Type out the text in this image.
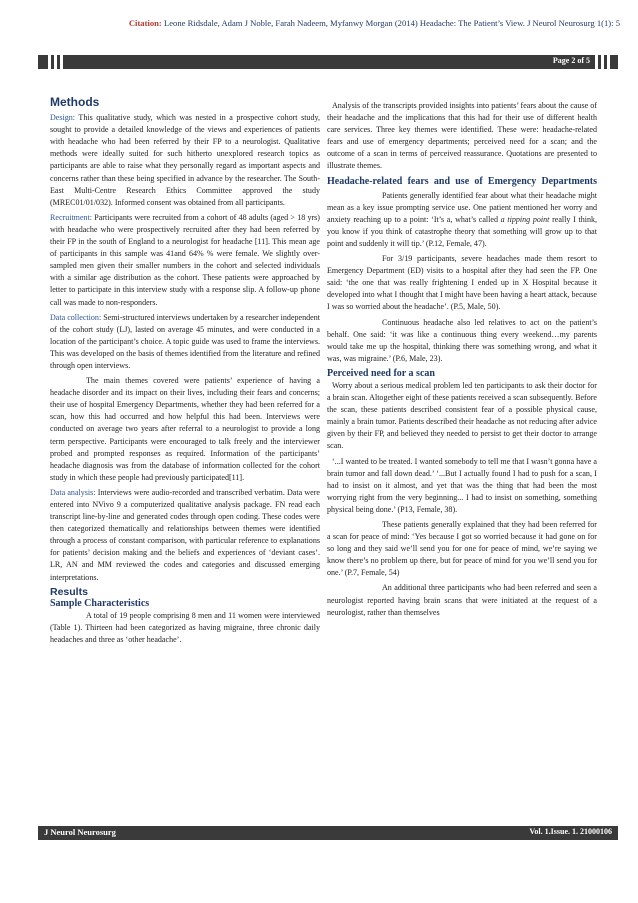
Citation: Leone Ridsdale, Adam J Noble, Farah Nadeem, Myfanwy Morgan (2014) Headache: The Patient’s View. J Neurol Neurosurg 1(1): 5
Page 2 of 5
Methods

Design: This qualitative study, which was nested in a prospective cohort study, sought to provide a detailed knowledge of the views and experiences of patients with headache who had been referred by their FP to a neurologist. Qualitative methods were ideally suited for such hitherto unexplored research topics as participants are able to raise what they personally regard as important aspects and concerns rather than these being specified in advance by the researcher. The South-East Multi-Centre Research Ethics Committee approved the study (MREC01/01/032). Informed consent was obtained from all participants.

Recruitment: Participants were recruited from a cohort of 48 adults (aged > 18 yrs) with headache who were prospectively recruited after they had been referred by their FP in the south of England to a neurologist for headache [11]. This mean age of participants in this sample was 41and 64% % were female. We slightly over-sampled men given their smaller numbers in the cohort and selected individuals with a similar age distribution as the cohort. These patients were approached by letter to participate in this interview study with a response slip. A follow-up phone call was made to non-responders.

Data collection: Semi-structured interviews undertaken by a researcher independent of the cohort study (LJ), lasted on average 45 minutes, and were conducted in a location of the participant’s choice. A topic guide was used to frame the interviews. This was developed on the basis of themes identified from the literature and refined through open interviews.

The main themes covered were patients’ experience of having a headache disorder and its impact on their lives, including their fears and concerns; their use of hospital Emergency Departments, whether they had been referred for a scan, how this had occurred and how helpful this had been. Interviews were conducted on average two years after referral to a neurologist to provide a long term perspective. Participants were encouraged to talk freely and the interviewer probed and prompted responses as required. Information of the participants’ headache diagnosis was from the database of information collected for the cohort study in which these people had previously participated[11].

Data analysis: Interviews were audio-recorded and transcribed verbatim. Data were entered into NVivo 9 a computerized qualitative analysis package. FN read each transcript line-by-line and generated codes through open coding. These codes were then categorized thematically and relationships between themes were identified through a process of constant comparison, with particular reference to explanations for patients’ decision making and the beliefs and experiences of ‘deviant cases’. LR, AN and MM reviewed the codes and categories and discussed emerging interpretations.

Results
Sample Characteristics

A total of 19 people comprising 8 men and 11 women were interviewed (Table 1). Thirteen had been categorized as having migraine, three chronic daily headaches and three as ‘other headache’.

Analysis of the transcripts provided insights into patients’ fears about the cause of their headache and the implications that this had for their use of different health care services. Three key themes were identified. These were: headache-related fears and use of emergency departments; perceived need for a scan; and the outcome of a scan in terms of perceived reassurance. Quotations are presented to illustrate themes.

Headache-related fears and use of Emergency Departments

Patients generally identified fear about what their headache might mean as a key issue prompting service use. One patient mentioned her worry and anxiety reaching up to a point: ‘It’s a, what’s called a tipping point really I think, you know if you think of catastrophe theory that something will grow up to that point and suddenly it will tip.’ (P.12, Female, 47).

For 3/19 participants, severe headaches made them resort to Emergency Department (ED) visits to a hospital after they had seen the FP. One said: ‘the one that was really frightening I ended up in X Hospital because it developed into what I thought that I might have been having a heart attack, because I was so worried about the headache’. (P.5, Male, 50).

Continuous headache also led relatives to act on the patient’s behalf. One said: ‘it was like a continuous thing every weekend…my parents would take me up the hospital, thinking there was something wrong, and what it was, was migraine.’ (P.6, Male, 23).

Perceived need for a scan

Worry about a serious medical problem led ten participants to ask their doctor for a brain scan. Altogether eight of these patients received a scan subsequently. Before the scan, these patients described consistent fear of a possible physical cause, mainly a brain tumor. Patients described their headache as not reducing after advice given by their FP, and believed they needed to persist to get their doctor to arrange scan.

‘...I wanted to be treated. I wanted somebody to tell me that I wasn’t gonna have a brain tumor and fall down dead.’ ‘...But I actually found I had to push for a scan, I had to insist on it almost, and yet that was the thing that had been the most worrying right from the very beginning... I had to insist on something, something physical being done.’ (P13, Female, 38).

These patients generally explained that they had been referred for a scan for peace of mind: ‘Yes because I got so worried because it had gone on for so long and they said we’ll send you for one for peace of mind, we’re saying we know there’s no problem up there, but for peace of mind for you we’ll send you for one.’ (P.7, Female, 54)

An additional three participants who had been referred and seen a neurologist reported having brain scans that were initiated at the request of a neurologist, rather than themselves

J Neurol Neurosurg	Vol. 1.Issue. 1. 21000106
